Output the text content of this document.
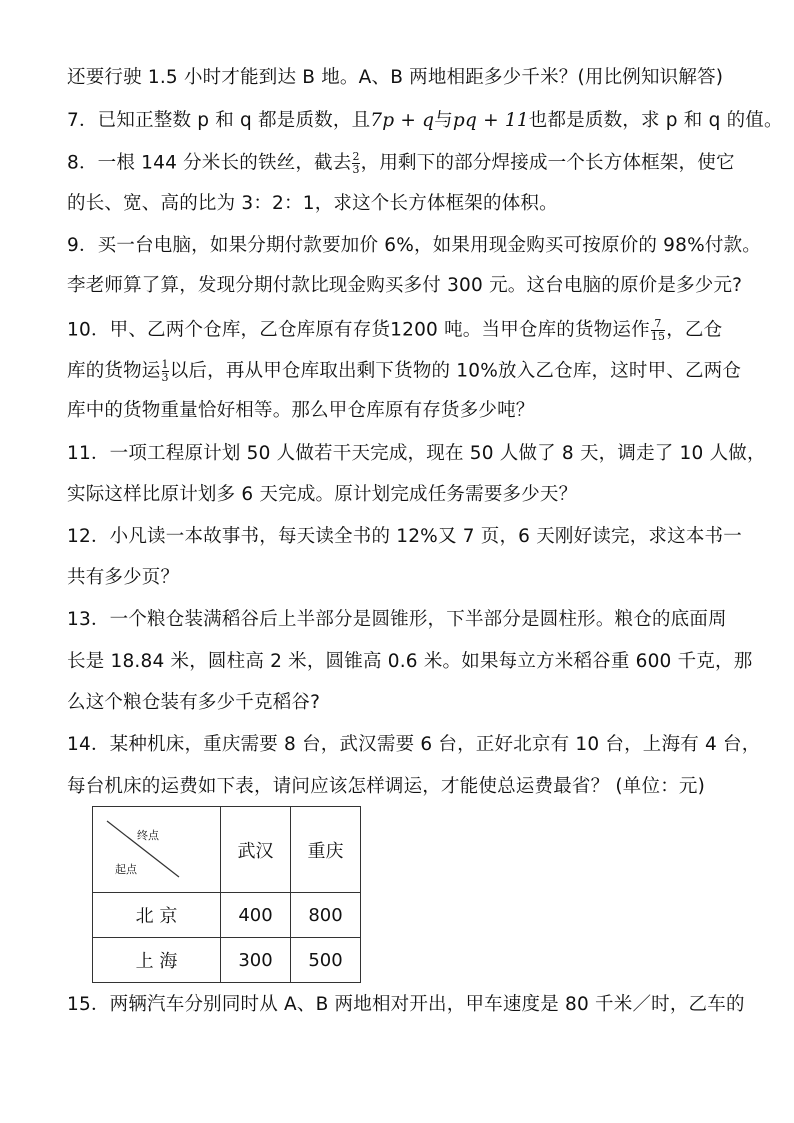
还要行驶 1.5 小时才能到达 B 地。A、B 两地相距多少千米？(用比例知识解答)
7．已知正整数 p 和 q 都是质数，且7p + q与pq + 11也都是质数，求 p 和 q 的值。
8．一根 144 分米长的铁丝，截去 $\frac{2}{3}$ ，用剩下的部分焊接成一个长方体框架，使它
的长、宽、高的比为 3：2：1，求这个长方体框架的体积。
9．买一台电脑，如果分期付款要加价 6%，如果用现金购买可按原价的 98%付款。
李老师算了算，发现分期付款比现金购买多付 300 元。这台电脑的原价是多少元?
10．甲、乙两个仓库，乙仓库原有存货1200 吨。当甲仓库的货物运作 $\frac{7}{15}$ ，乙仓
库的货物运 $\frac{1}{3}$ 以后，再从甲仓库取出剩下货物的 10%放入乙仓库，这时甲、乙两仓
库中的货物重量恰好相等。那么甲仓库原有存货多少吨？
11．一项工程原计划 50 人做若干天完成，现在 50 人做了 8 天，调走了 10 人做，
实际这样比原计划多 6 天完成。原计划完成任务需要多少天？
12．小凡读一本故事书，每天读全书的 12%又 7 页，6 天刚好读完，求这本书一
共有多少页？
13．一个粮仓装满稻谷后上半部分是圆锥形，下半部分是圆柱形。粮仓的底面周
长是 18.84 米，圆柱高 2 米，圆锥高 0.6 米。如果每立方米稻谷重 600 千克，那
么这个粮仓装有多少千克稻谷?
14．某种机床，重庆需要 8 台，武汉需要 6 台，正好北京有 10 台，上海有 4 台，
每台机床的运费如下表，请问应该怎样调运，才能使总运费最省？ (单位：元)
终点
起点	武汉	重庆
北 京	400	800
上 海	300	500
15．两辆汽车分别同时从 A、B 两地相对开出，甲车速度是 80 千米／时，乙车的
